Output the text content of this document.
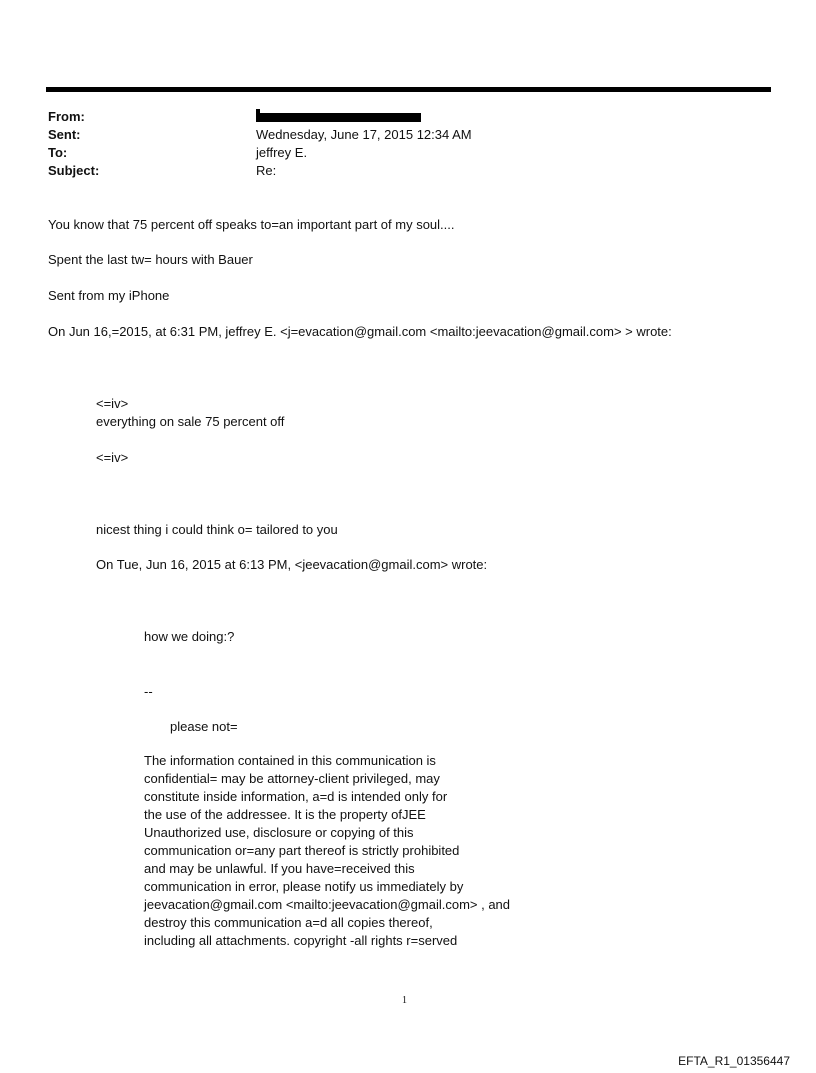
From:
Sent:	Wednesday, June 17, 2015 12:34 AM
To:	jeffrey E.
Subject:	Re:
You know that 75 percent off speaks to=an important part of my soul....
Spent the last tw= hours with Bauer
Sent from my iPhone
On Jun 16,=2015, at 6:31 PM, jeffrey E. <j=evacation@gmail.com <mailto:jeevacation@gmail.com> > wrote:
<=iv>
everything on sale 75 percent off
<=iv>
nicest thing i could think o= tailored to you
On Tue, Jun 16, 2015 at 6:13 PM, <jeevacation@gmail.com> wrote:
how we doing:?
--
please not=
The information contained in this communication is
confidential= may be attorney-client privileged, may
constitute inside information, a=d is intended only for
the use of the addressee. It is the property ofJEE
Unauthorized use, disclosure or copying of this
communication or=any part thereof is strictly prohibited
and may be unlawful. If you have=received this
communication in error, please notify us immediately by
jeevacation@gmail.com <mailto:jeevacation@gmail.com> , and
destroy this communication a=d all copies thereof,
including all attachments. copyright -all rights r=served
1
EFTA_R1_01356447
